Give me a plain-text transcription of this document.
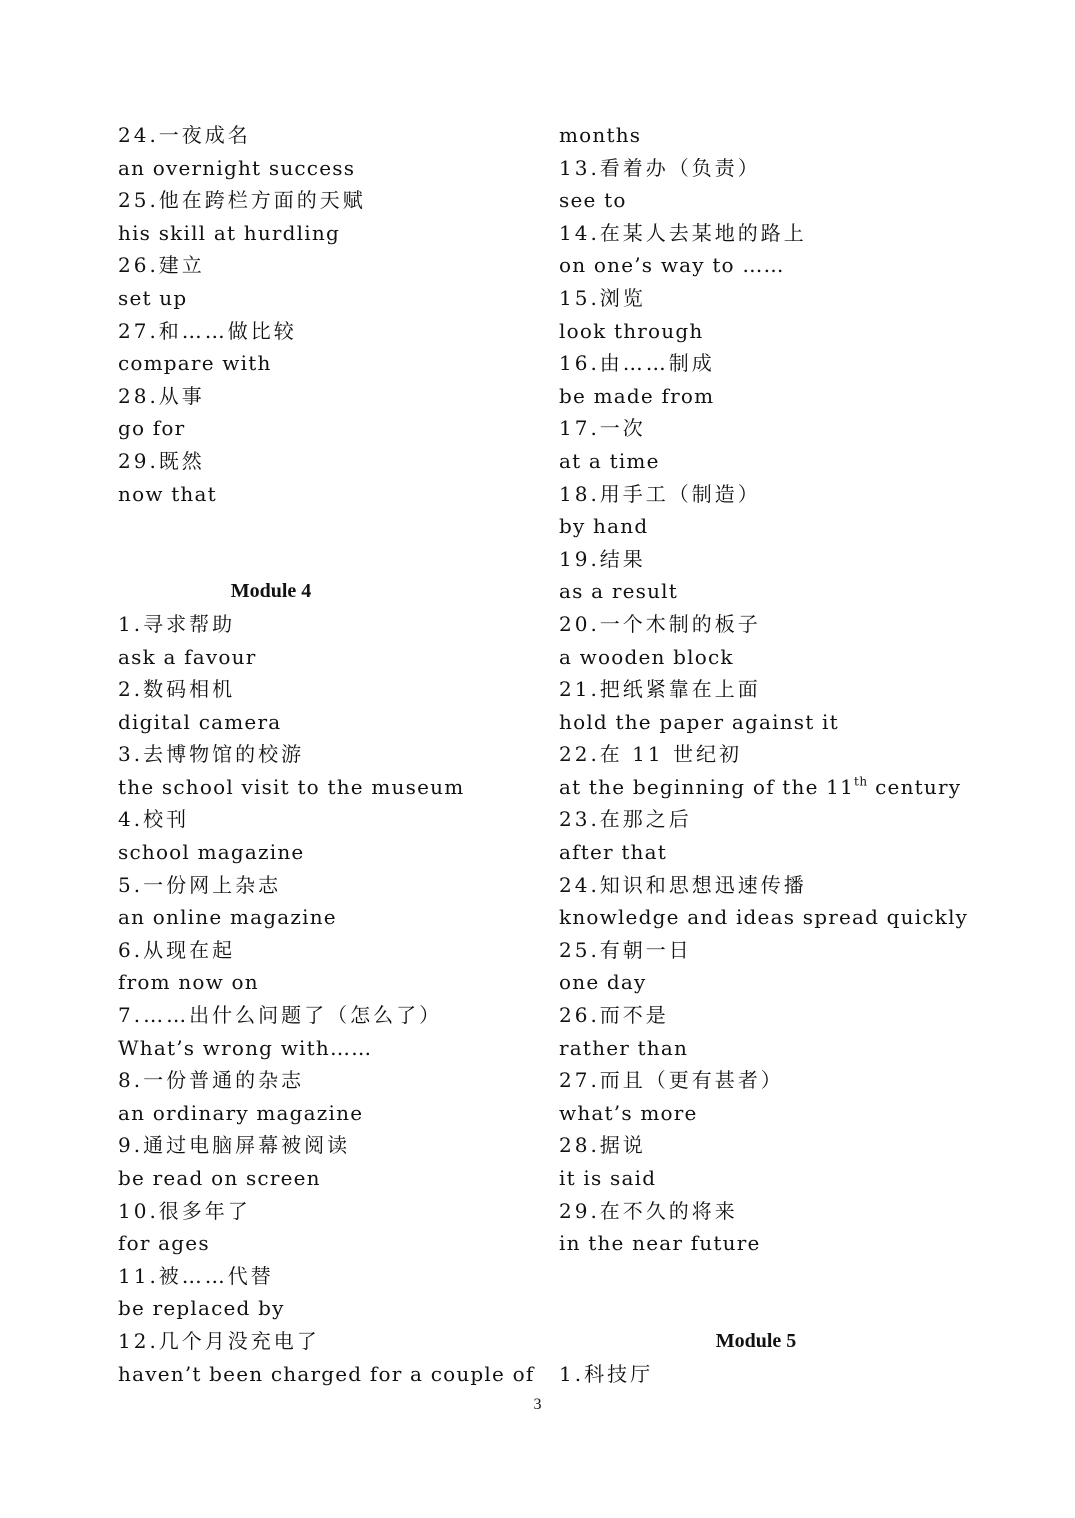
24.一夜成名
an overnight success
25.他在跨栏方面的天赋
his skill at hurdling
26.建立
set up
27.和……做比较
compare with
28.从事
go for
29.既然
now that
Module 4
1.寻求帮助
ask a favour
2.数码相机
digital camera
3.去博物馆的校游
the school visit to the museum
4.校刊
school magazine
5.一份网上杂志
an online magazine
6.从现在起
from now on
7.……出什么问题了（怎么了）
What’s wrong with……
8.一份普通的杂志
an ordinary magazine
9.通过电脑屏幕被阅读
be read on screen
10.很多年了
for ages
11.被……代替
be replaced by
12.几个月没充电了
haven’t been charged for a couple of
months
13.看着办（负责）
see to
14.在某人去某地的路上
on one’s way to ……
15.浏览
look through
16.由……制成
be made from
17.一次
at a time
18.用手工（制造）
by hand
19.结果
as a result
20.一个木制的板子
a wooden block
21.把纸紧靠在上面
hold the paper against it
22.在 11 世纪初
at the beginning of the 11th century
23.在那之后
after that
24.知识和思想迅速传播
knowledge and ideas spread quickly
25.有朝一日
one day
26.而不是
rather than
27.而且（更有甚者）
what’s more
28.据说
it is said
29.在不久的将来
in the near future
Module 5
1.科技厅
3
